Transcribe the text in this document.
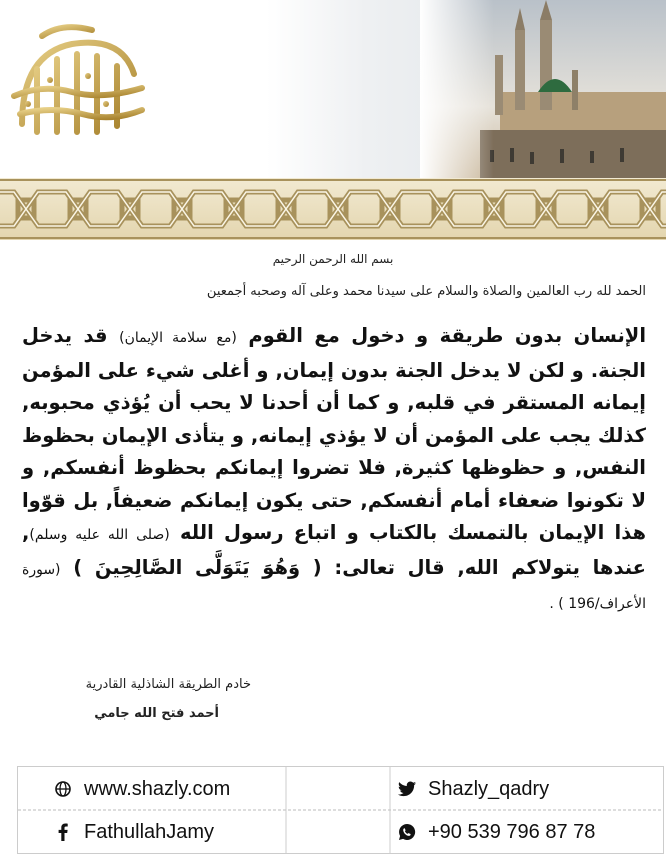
الطريقة الشاذلية القادرية
بسم الله الرحمن الرحيم
الحمد لله رب العالمين والصلاة والسلام على سيدنا محمد وعلى آله وصحبه أجمعين
الإنسان بدون طريقة و دخول مع القوم (مع سلامة الإيمان) قد يدخل الجنة. و لكن لا يدخل الجنة بدون إيمان, و أغلى شيء على المؤمن إيمانه المستقر في قلبه, و كما أن أحدنا لا يحب أن يُؤذي محبوبه, كذلك يجب على المؤمن أن لا يؤذي إيمانه, و يتأذى الإيمان بحظوظ النفس, و حظوظها كثيرة, فلا تضروا إيمانكم بحظوظ أنفسكم, و لا تكونوا ضعفاء أمام أنفسكم, حتى يكون إيمانكم ضعيفاً, بل قوّوا هذا الإيمان بالتمسك بالكتاب و اتباع رسول الله (صلى الله عليه وسلم), عندها يتولاكم الله, قال تعالى: ( وَهُوَ يَتَوَلَّى الصَّالِحِينَ ) (سورة الأعراف/196 ) .
خادم الطريقة الشاذلية القادرية
أحمد فتح الله جامي
www.shazly.com	Shazly_qadry
FathullahJamy	+90 539 796 87 78
